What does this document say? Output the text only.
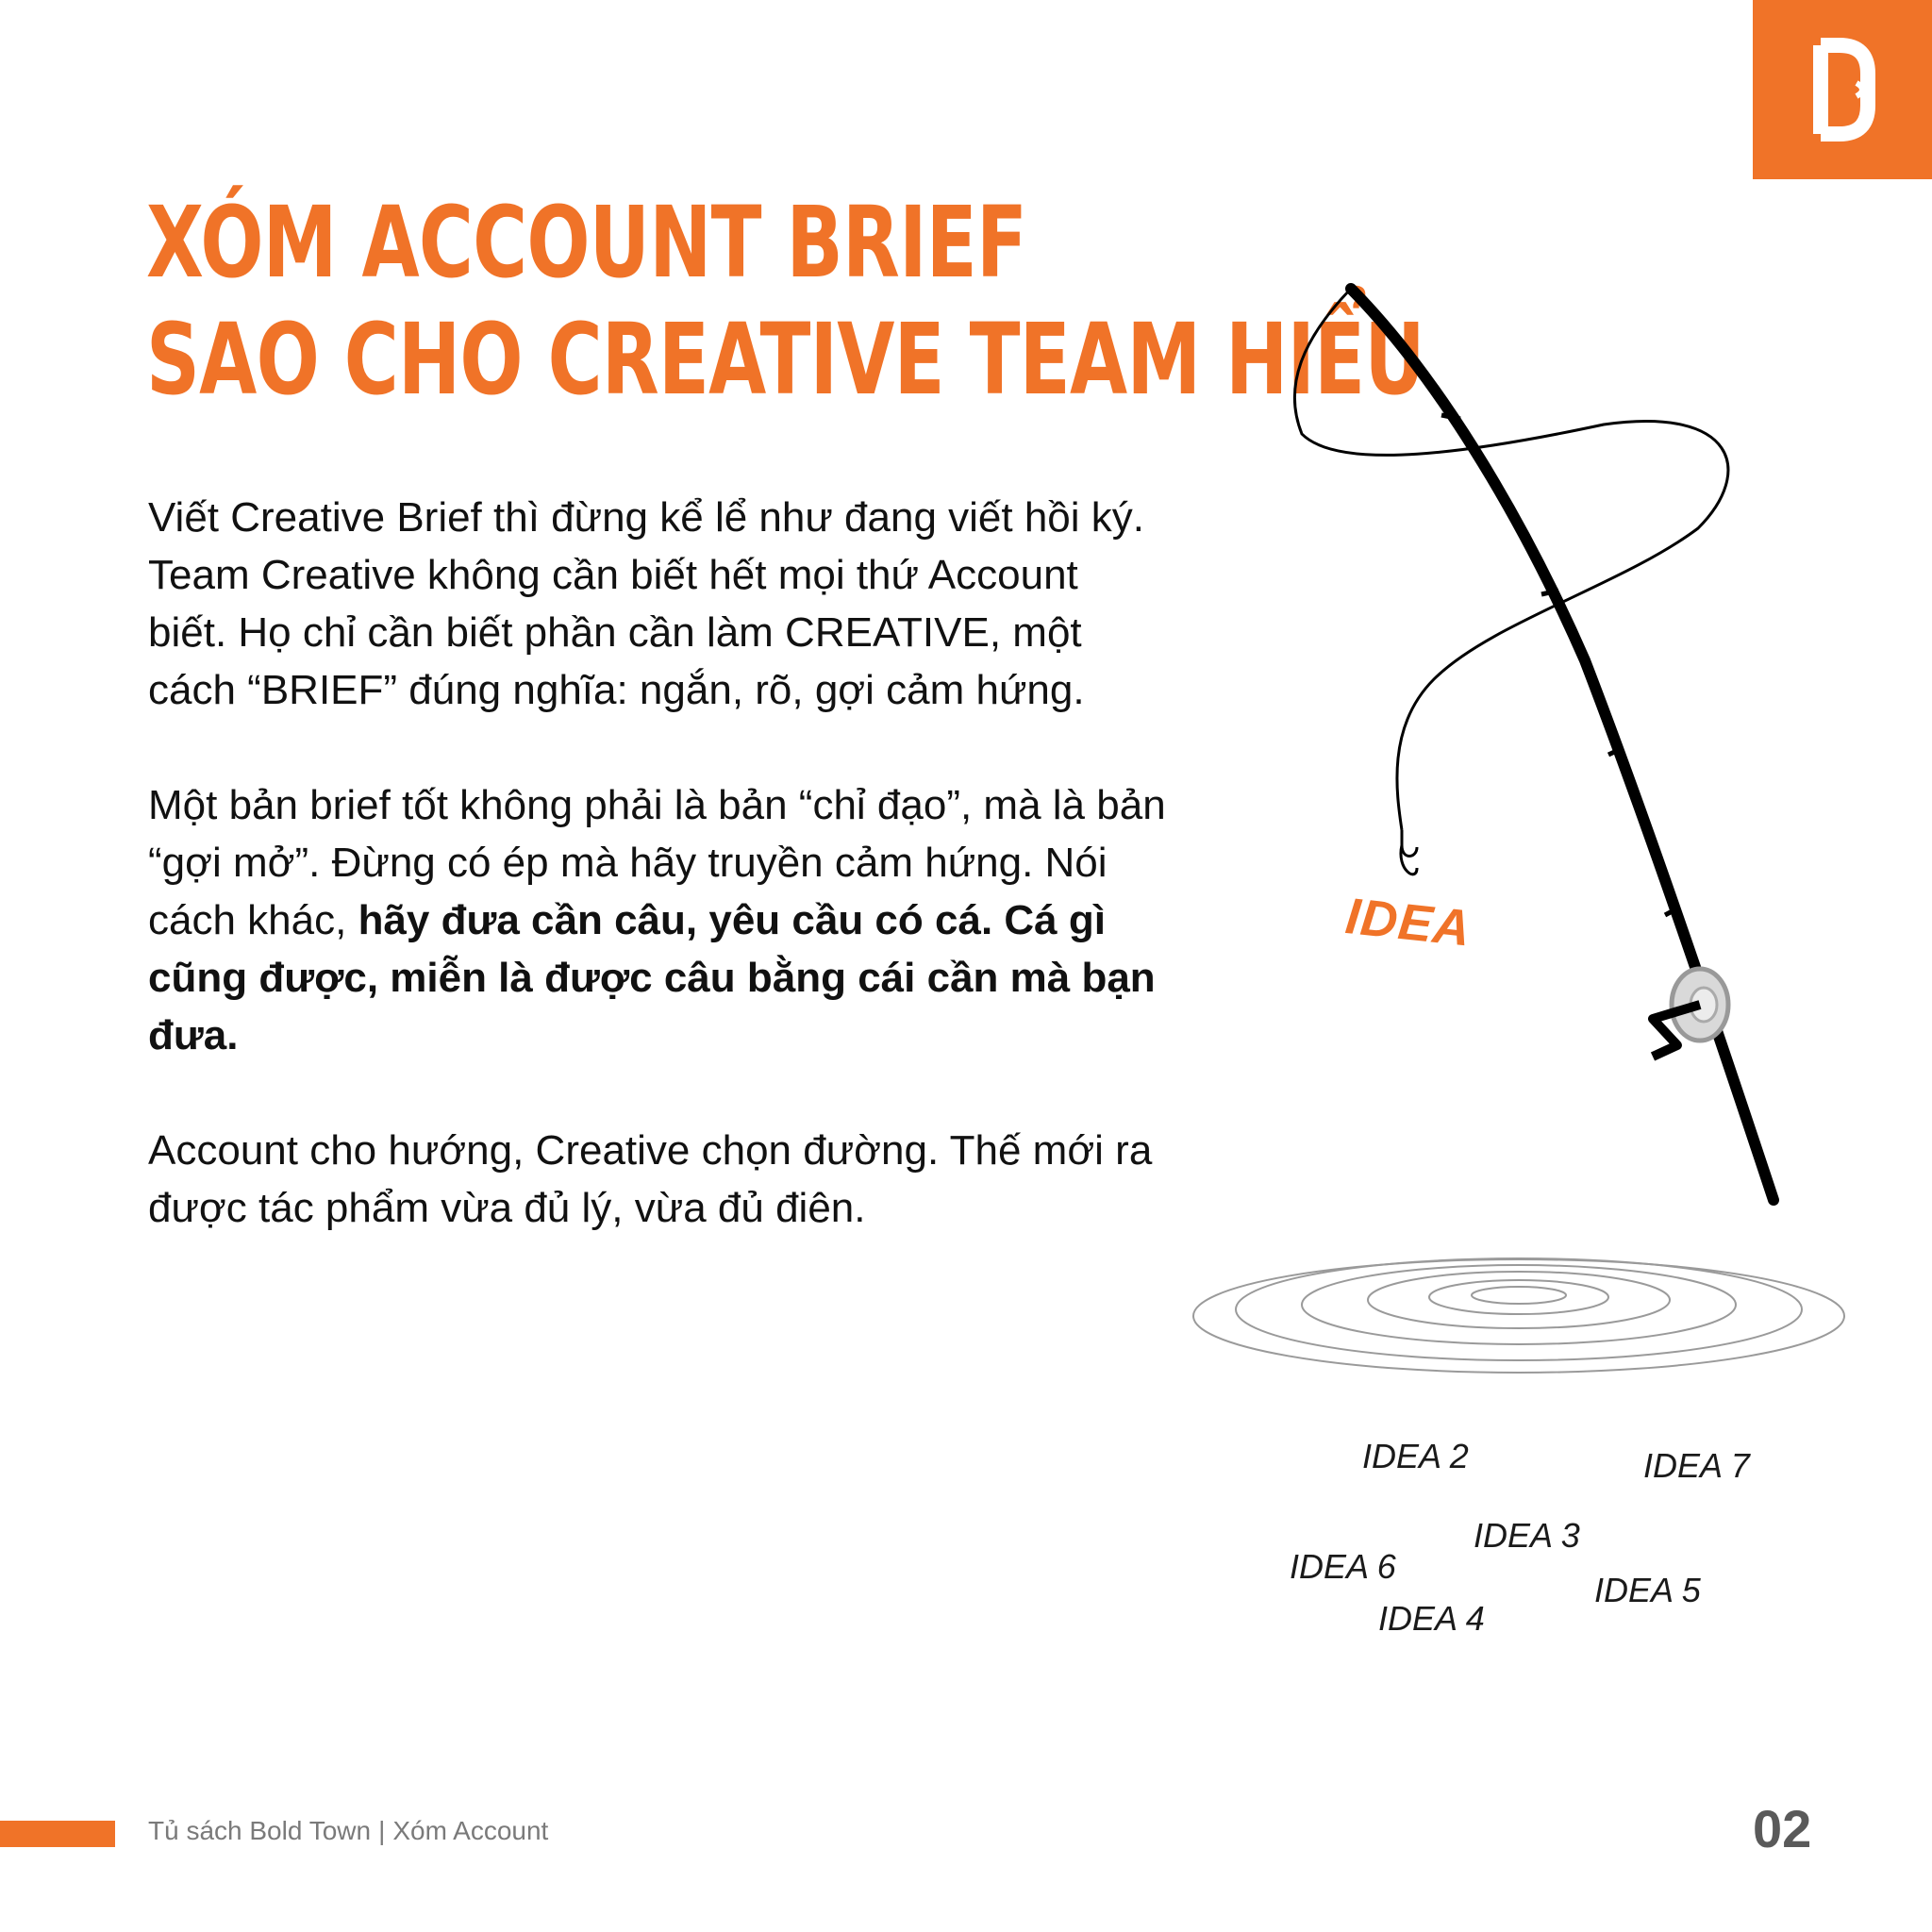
XÓM ACCOUNT BRIEF
SAO CHO CREATIVE TEAM HIỂU

Viết Creative Brief thì đừng kể lể như đang viết hồi ký. Team Creative không cần biết hết mọi thứ Account biết. Họ chỉ cần biết phần cần làm CREATIVE, một cách “BRIEF” đúng nghĩa: ngắn, rõ, gợi cảm hứng.

Một bản brief tốt không phải là bản “chỉ đạo”, mà là bản “gợi mở”. Đừng có ép mà hãy truyền cảm hứng. Nói cách khác, hãy đưa cần câu, yêu cầu có cá. Cá gì cũng được, miễn là được câu bằng cái cần mà bạn đưa.

Account cho hướng, Creative chọn đường. Thế mới ra được tác phẩm vừa đủ lý, vừa đủ điên.

IDEA
IDEA 2	IDEA 7
IDEA 3
IDEA 6
IDEA 5
IDEA 4
Tủ sách Bold Town | Xóm Account	02
